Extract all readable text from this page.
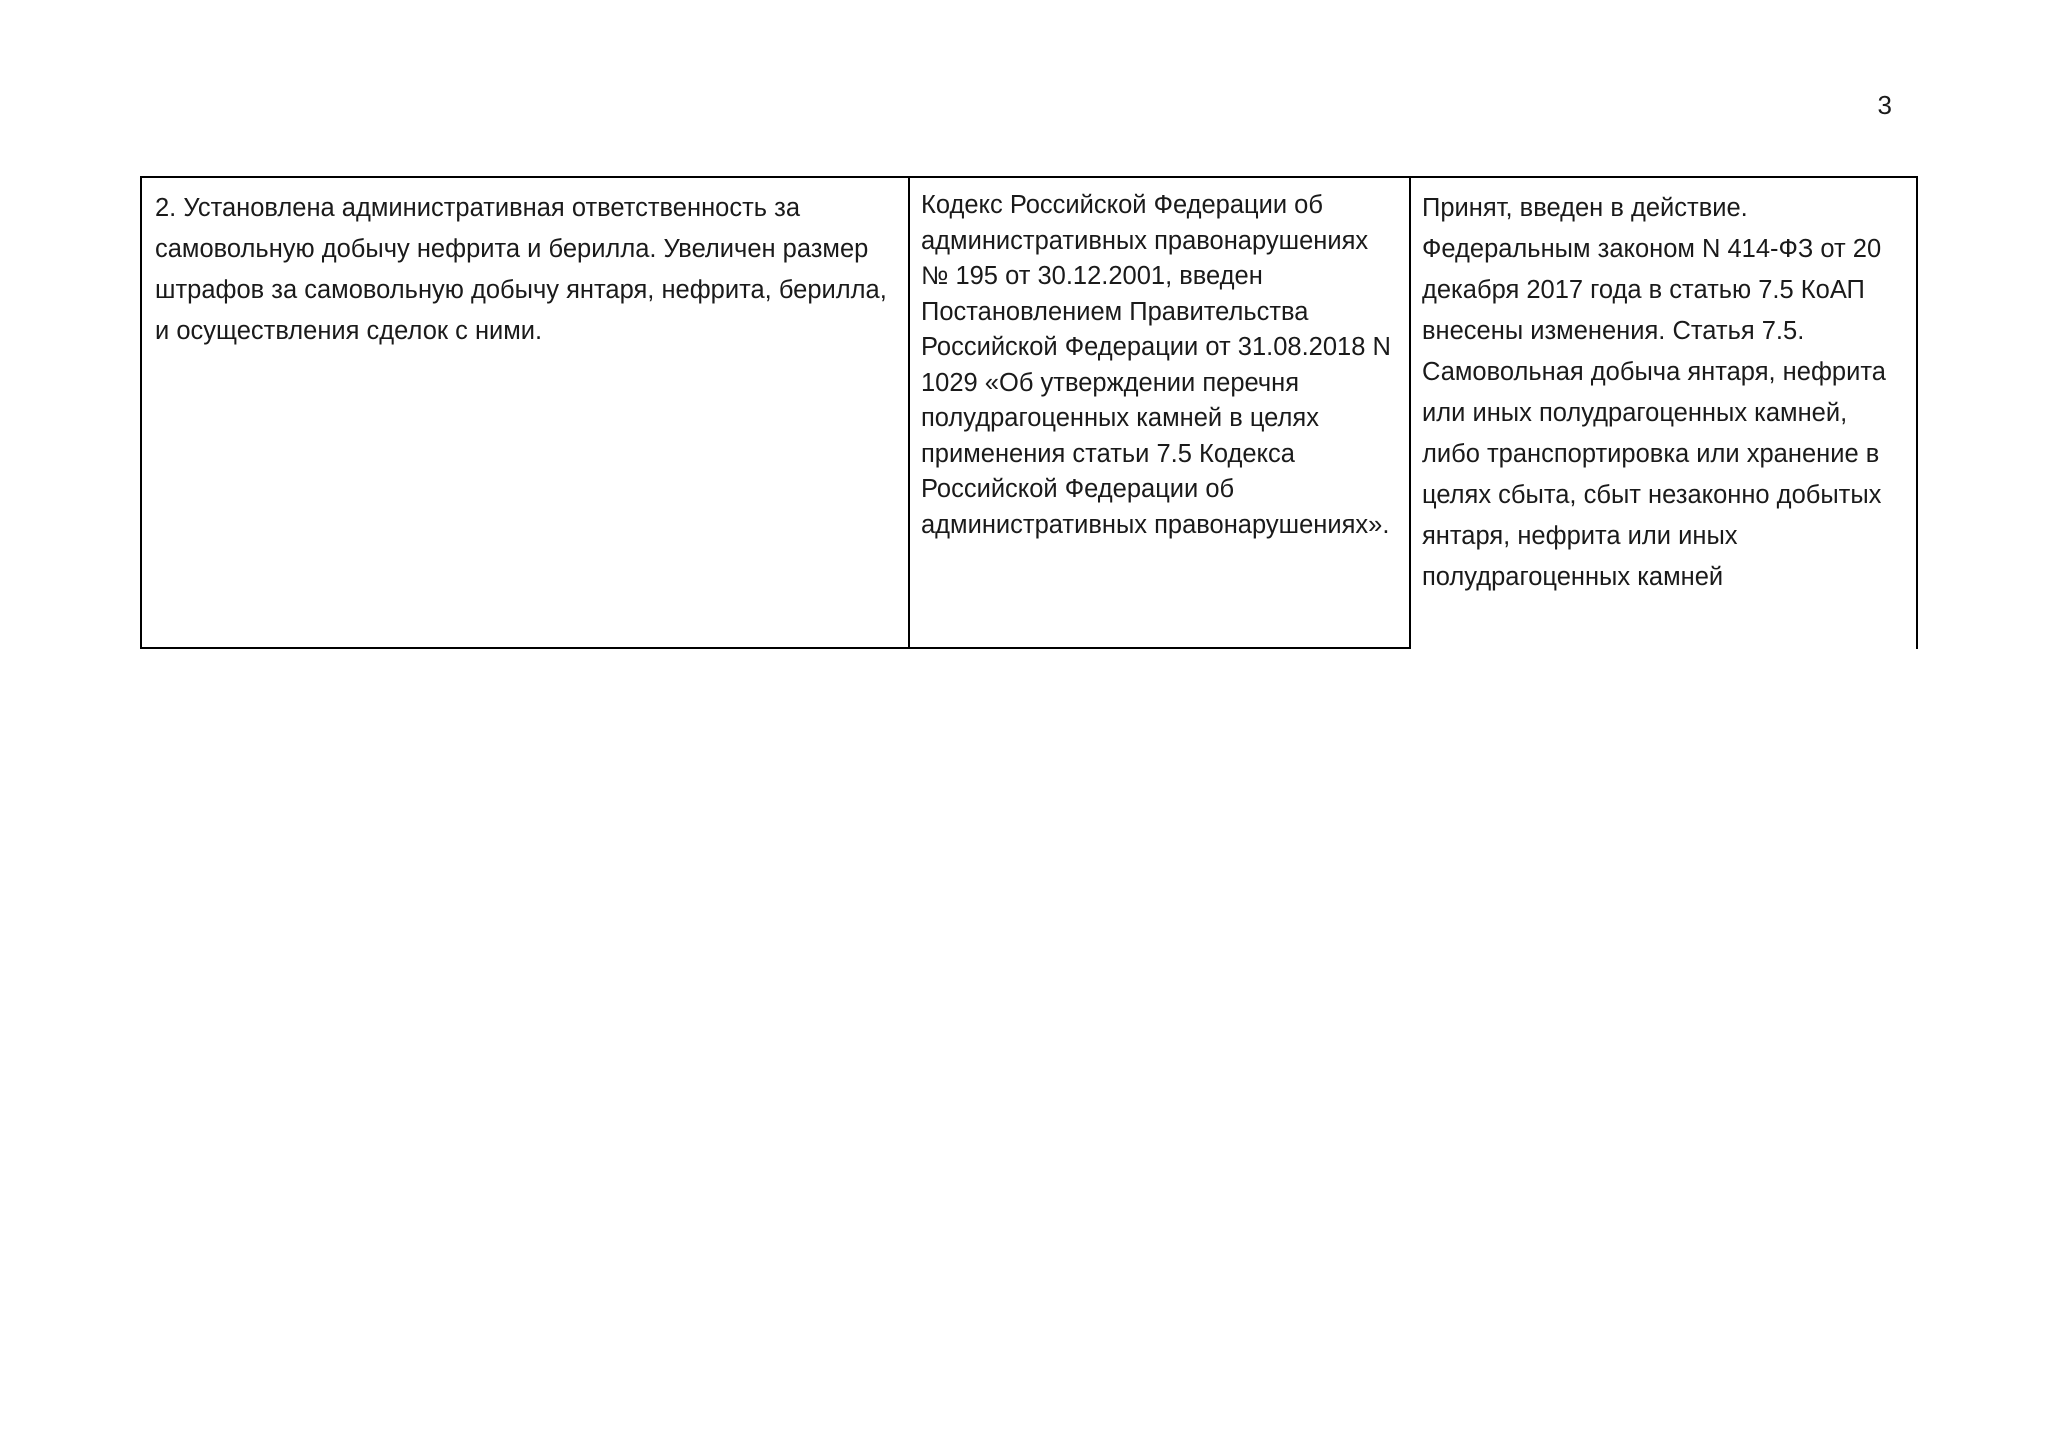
3

2. Установлена административная ответственность за самовольную добычу нефрита и берилла. Увеличен размер штрафов за самовольную добычу янтаря, нефрита, берилла, и осуществления сделок с ними.

Кодекс Российской Федерации об административных правонарушениях № 195 от 30.12.2001, введен Постановлением Правительства Российской Федерации от 31.08.2018 N 1029 «Об утверждении перечня полудрагоценных камней в целях применения статьи 7.5 Кодекса Российской Федерации об административных правонарушениях».

Принят, введен в действие. Федеральным законом N 414-ФЗ от 20 декабря 2017 года в статью 7.5 КоАП внесены изменения. Статья 7.5. Самовольная добыча янтаря, нефрита или иных полудрагоценных камней, либо транспортировка или хранение в целях сбыта, сбыт незаконно добытых янтаря, нефрита или иных полудрагоценных камней
